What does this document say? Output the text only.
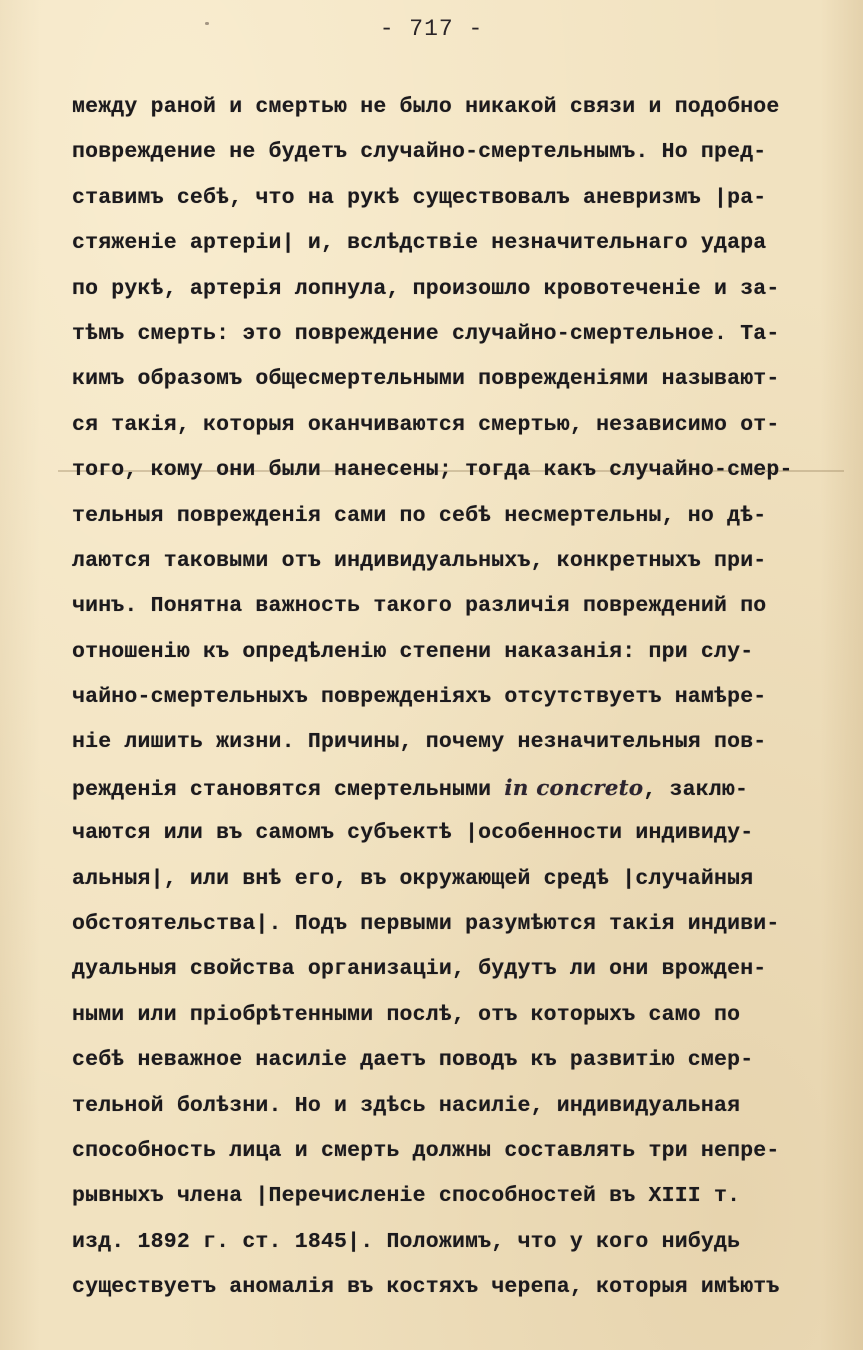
- 717 -
между раной и смертью не было никакой связи и подобное
повреждение не будетъ случайно-смертельнымъ. Но пред-
ставимъ себѣ, что на рукѣ существовалъ аневризмъ |ра-
стяженіе артеріи| и, вслѣдствіе незначительнаго удара
по рукѣ, артерія лопнула, произошло кровотеченіе и за-
тѣмъ смерть: это повреждение случайно-смертельное. Та-
кимъ образомъ общесмертельными поврежденіями называют-
ся такія, которыя оканчиваются смертью, независимо от-
того, кому они были нанесены; тогда какъ случайно-смер-
тельныя поврежденія сами по себѣ несмертельны, но дѣ-
лаются таковыми отъ индивидуальныхъ, конкретныхъ при-
чинъ. Понятна важность такого различія повреждений по
отношенію къ опредѣленію степени наказанія: при слу-
чайно-смертельныхъ поврежденіяхъ отсутствуетъ намѣре-
ніе лишить жизни. Причины, почему незначительныя пов-
режденія становятся смертельными in concreto, заклю-
чаются или въ самомъ субъектѣ |особенности индивиду-
альныя|, или внѣ его, въ окружающей средѣ |случайныя
обстоятельства|. Подъ первыми разумѣются такія индиви-
дуальныя свойства организаціи, будутъ ли они врожден-
ными или пріобрѣтенными послѣ, отъ которыхъ само по
себѣ неважное насиліе даетъ поводъ къ развитію смер-
тельной болѣзни. Но и здѣсь насиліе, индивидуальная
способность лица и смерть должны составлять три непре-
рывныхъ члена |Перечисленіе способностей въ XIII т.
изд. 1892 г. ст. 1845|. Положимъ, что у кого нибудь
существуетъ аномалія въ костяхъ черепа, которыя имѣютъ
